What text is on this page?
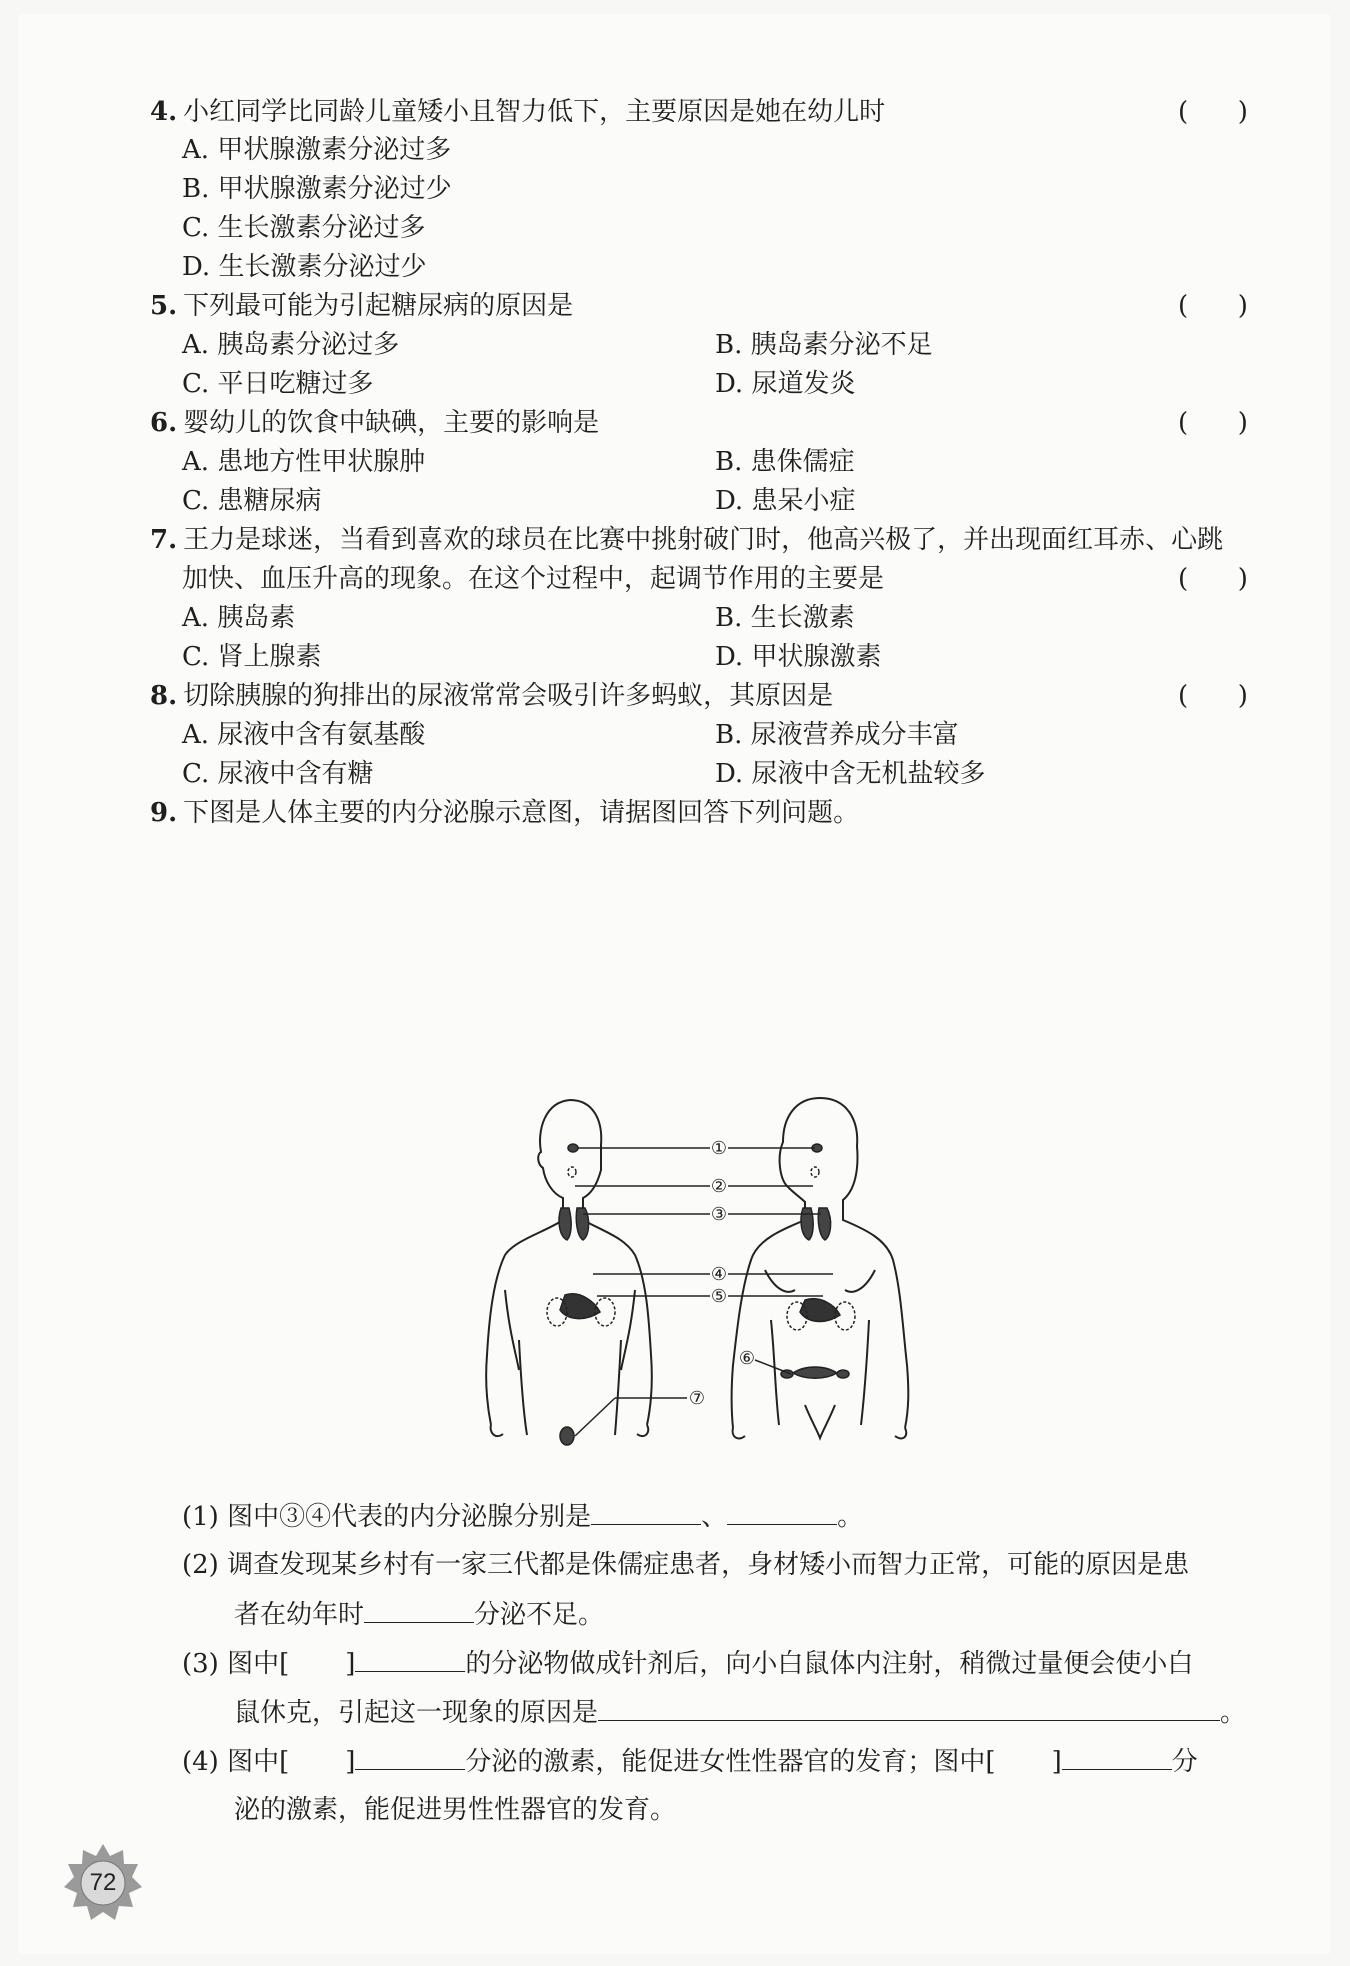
4. 小红同学比同龄儿童矮小且智力低下，主要原因是她在幼儿时	(      )
A. 甲状腺激素分泌过多
B. 甲状腺激素分泌过少
C. 生长激素分泌过多
D. 生长激素分泌过少
5. 下列最可能为引起糖尿病的原因是	(      )
A. 胰岛素分泌过多	B. 胰岛素分泌不足
C. 平日吃糖过多	D. 尿道发炎
6. 婴幼儿的饮食中缺碘，主要的影响是	(      )
A. 患地方性甲状腺肿	B. 患侏儒症
C. 患糖尿病	D. 患呆小症
7. 王力是球迷，当看到喜欢的球员在比赛中挑射破门时，他高兴极了，并出现面红耳赤、心跳
加快、血压升高的现象。在这个过程中，起调节作用的主要是	(      )
A. 胰岛素	B. 生长激素
C. 肾上腺素	D. 甲状腺激素
8. 切除胰腺的狗排出的尿液常常会吸引许多蚂蚁，其原因是	(      )
A. 尿液中含有氨基酸	B. 尿液营养成分丰富
C. 尿液中含有糖	D. 尿液中含无机盐较多
9. 下图是人体主要的内分泌腺示意图，请据图回答下列问题。
①
②
③
④
⑤
⑥
⑦
(1) 图中③④代表的内分泌腺分别是	、	。
(2) 调查发现某乡村有一家三代都是侏儒症患者，身材矮小而智力正常，可能的原因是患
者在幼年时	分泌不足。
(3) 图中[ ]	的分泌物做成针剂后，向小白鼠体内注射，稍微过量便会使小白
鼠休克，引起这一现象的原因是	。
(4) 图中[ ]	分泌的激素，能促进女性性器官的发育；图中[ ]	分
泌的激素，能促进男性性器官的发育。
72
